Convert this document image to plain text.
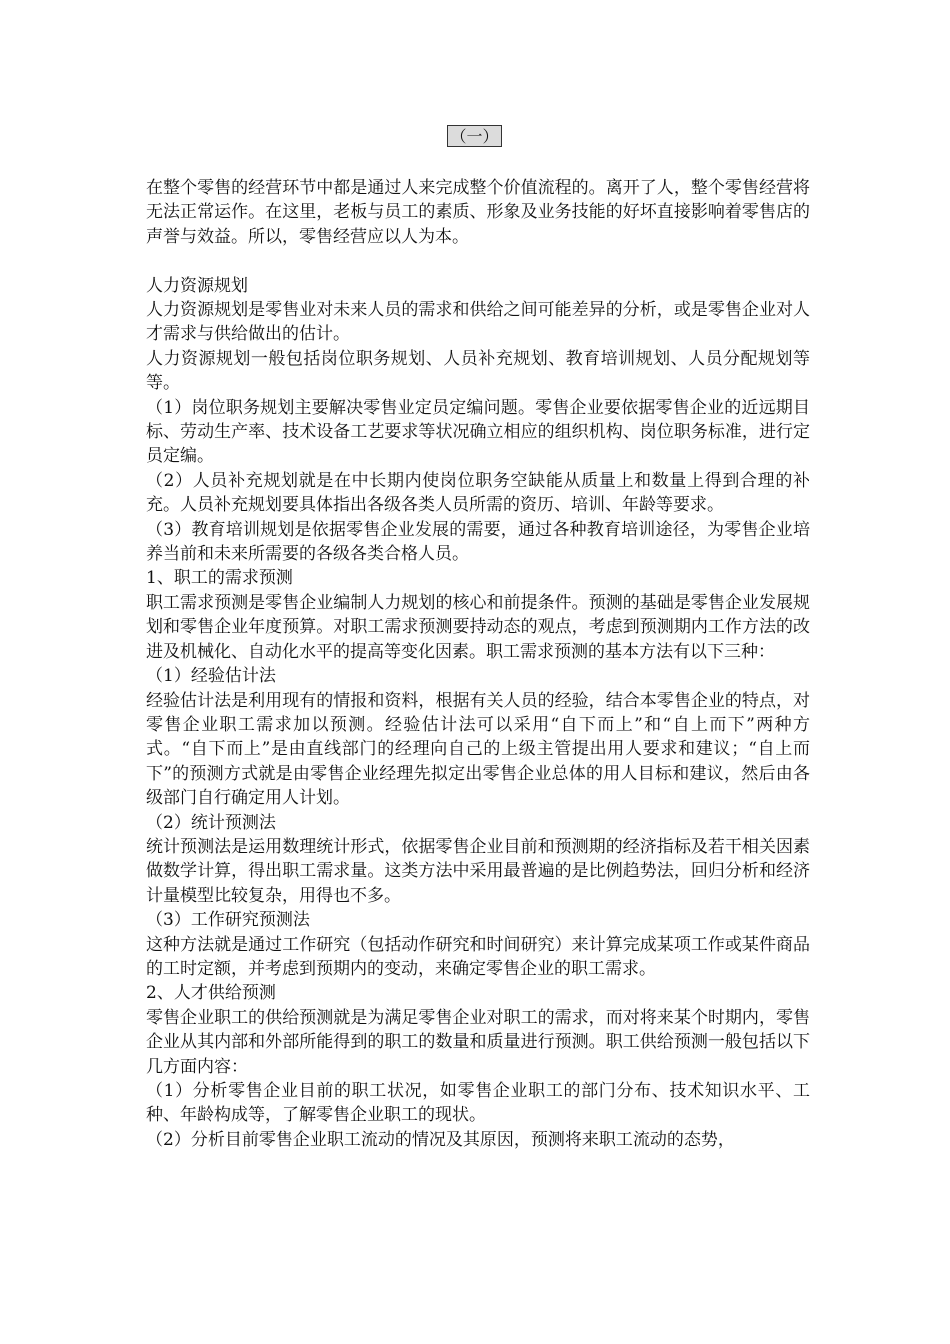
（一）

在整个零售的经营环节中都是通过人来完成整个价值流程的。离开了人，整个零售经营将无法正常运作。在这里，老板与员工的素质、形象及业务技能的好坏直接影响着零售店的声誉与效益。所以，零售经营应以人为本。

人力资源规划

人力资源规划是零售业对未来人员的需求和供给之间可能差异的分析，或是零售企业对人才需求与供给做出的估计。

人力资源规划一般包括岗位职务规划、人员补充规划、教育培训规划、人员分配规划等等。

（1）岗位职务规划主要解决零售业定员定编问题。零售企业要依据零售企业的近远期目标、劳动生产率、技术设备工艺要求等状况确立相应的组织机构、岗位职务标准，进行定员定编。

（2）人员补充规划就是在中长期内使岗位职务空缺能从质量上和数量上得到合理的补充。人员补充规划要具体指出各级各类人员所需的资历、培训、年龄等要求。

（3）教育培训规划是依据零售企业发展的需要，通过各种教育培训途径，为零售企业培养当前和未来所需要的各级各类合格人员。

1、职工的需求预测

职工需求预测是零售企业编制人力规划的核心和前提条件。预测的基础是零售企业发展规划和零售企业年度预算。对职工需求预测要持动态的观点，考虑到预测期内工作方法的改进及机械化、自动化水平的提高等变化因素。职工需求预测的基本方法有以下三种：

（1）经验估计法

经验估计法是利用现有的情报和资料，根据有关人员的经验，结合本零售企业的特点，对零售企业职工需求加以预测。经验估计法可以采用“自下而上”和“自上而下”两种方式。“自下而上”是由直线部门的经理向自己的上级主管提出用人要求和建议；“自上而下”的预测方式就是由零售企业经理先拟定出零售企业总体的用人目标和建议，然后由各级部门自行确定用人计划。

（2）统计预测法

统计预测法是运用数理统计形式，依据零售企业目前和预测期的经济指标及若干相关因素做数学计算，得出职工需求量。这类方法中采用最普遍的是比例趋势法，回归分析和经济计量模型比较复杂，用得也不多。

（3）工作研究预测法

这种方法就是通过工作研究（包括动作研究和时间研究）来计算完成某项工作或某件商品的工时定额，并考虑到预期内的变动，来确定零售企业的职工需求。

2、人才供给预测

零售企业职工的供给预测就是为满足零售企业对职工的需求，而对将来某个时期内，零售企业从其内部和外部所能得到的职工的数量和质量进行预测。职工供给预测一般包括以下几方面内容：

（1）分析零售企业目前的职工状况，如零售企业职工的部门分布、技术知识水平、工种、年龄构成等，了解零售企业职工的现状。

（2）分析目前零售企业职工流动的情况及其原因，预测将来职工流动的态势，
